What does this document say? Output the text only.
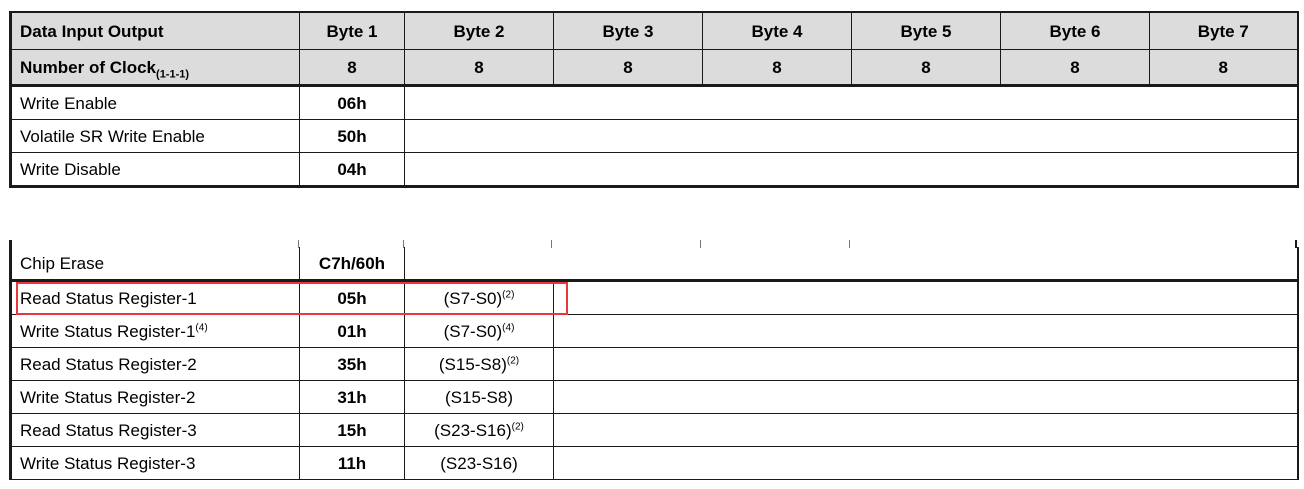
Data Input Output	Byte 1	Byte 2	Byte 3	Byte 4	Byte 5	Byte 6	Byte 7
Number of Clock$_{(1-1-1)}$	8	8	8	8	8	8	8
Write Enable	06h						
Volatile SR Write Enable	50h						
Write Disable	04h						
Chip Erase	C7h/60h		
Read Status Register-1	05h	$(S7-S0)^{(2)}$	
Write Status Register-1$^{(4)}$	01h	$(S7-S0)^{(4)}$	
Read Status Register-2	35h	$(S15-S8)^{(2)}$	
Write Status Register-2	31h	(S15-S8)	
Read Status Register-3	15h	$(S23-S16)^{(2)}$	
Write Status Register-3	11h	(S23-S16)	
